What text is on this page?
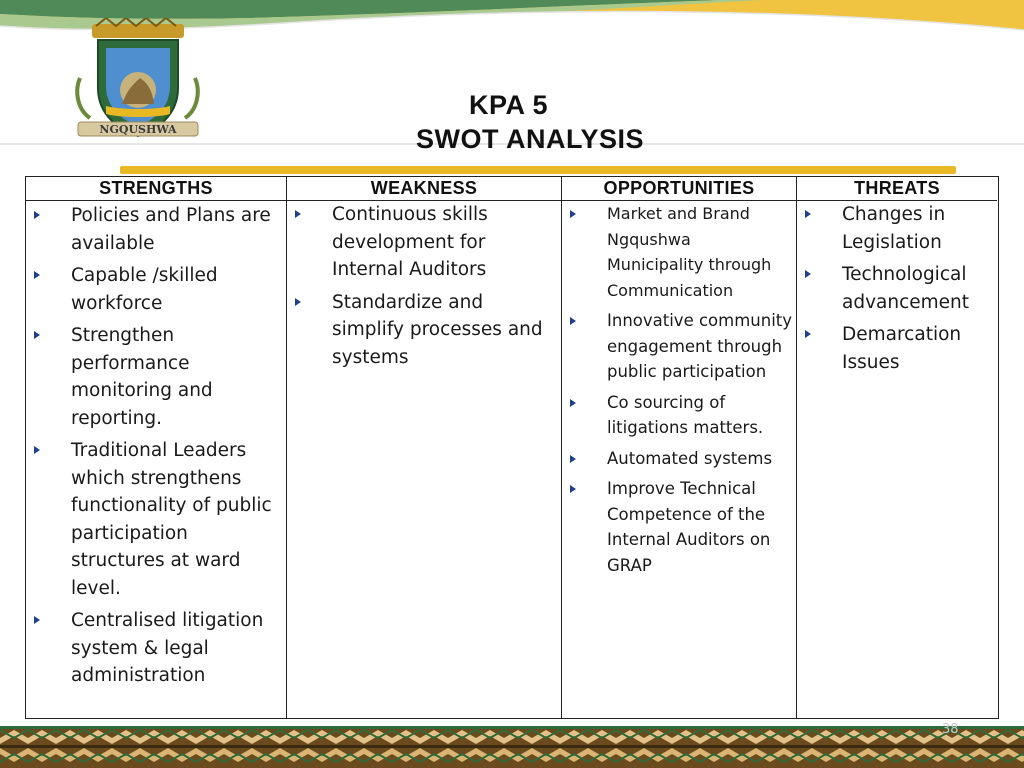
NGQUSHWA
KPA 5
SWOT ANALYSIS
STRENGTHS
Policies and Plans are available
Capable /skilled workforce
Strengthen performance monitoring and reporting.
Traditional Leaders which strengthens functionality of public participation structures at ward level.
Centralised litigation system & legal administration
WEAKNESS
Continuous skills development for Internal Auditors
Standardize and simplify processes and systems
OPPORTUNITIES
Market and Brand Ngqushwa Municipality through Communication
Innovative community engagement through public participation
Co sourcing of litigations matters.
Automated systems
Improve Technical Competence of the Internal Auditors on GRAP
THREATS
Changes in Legislation
Technological advancement
Demarcation Issues
38
